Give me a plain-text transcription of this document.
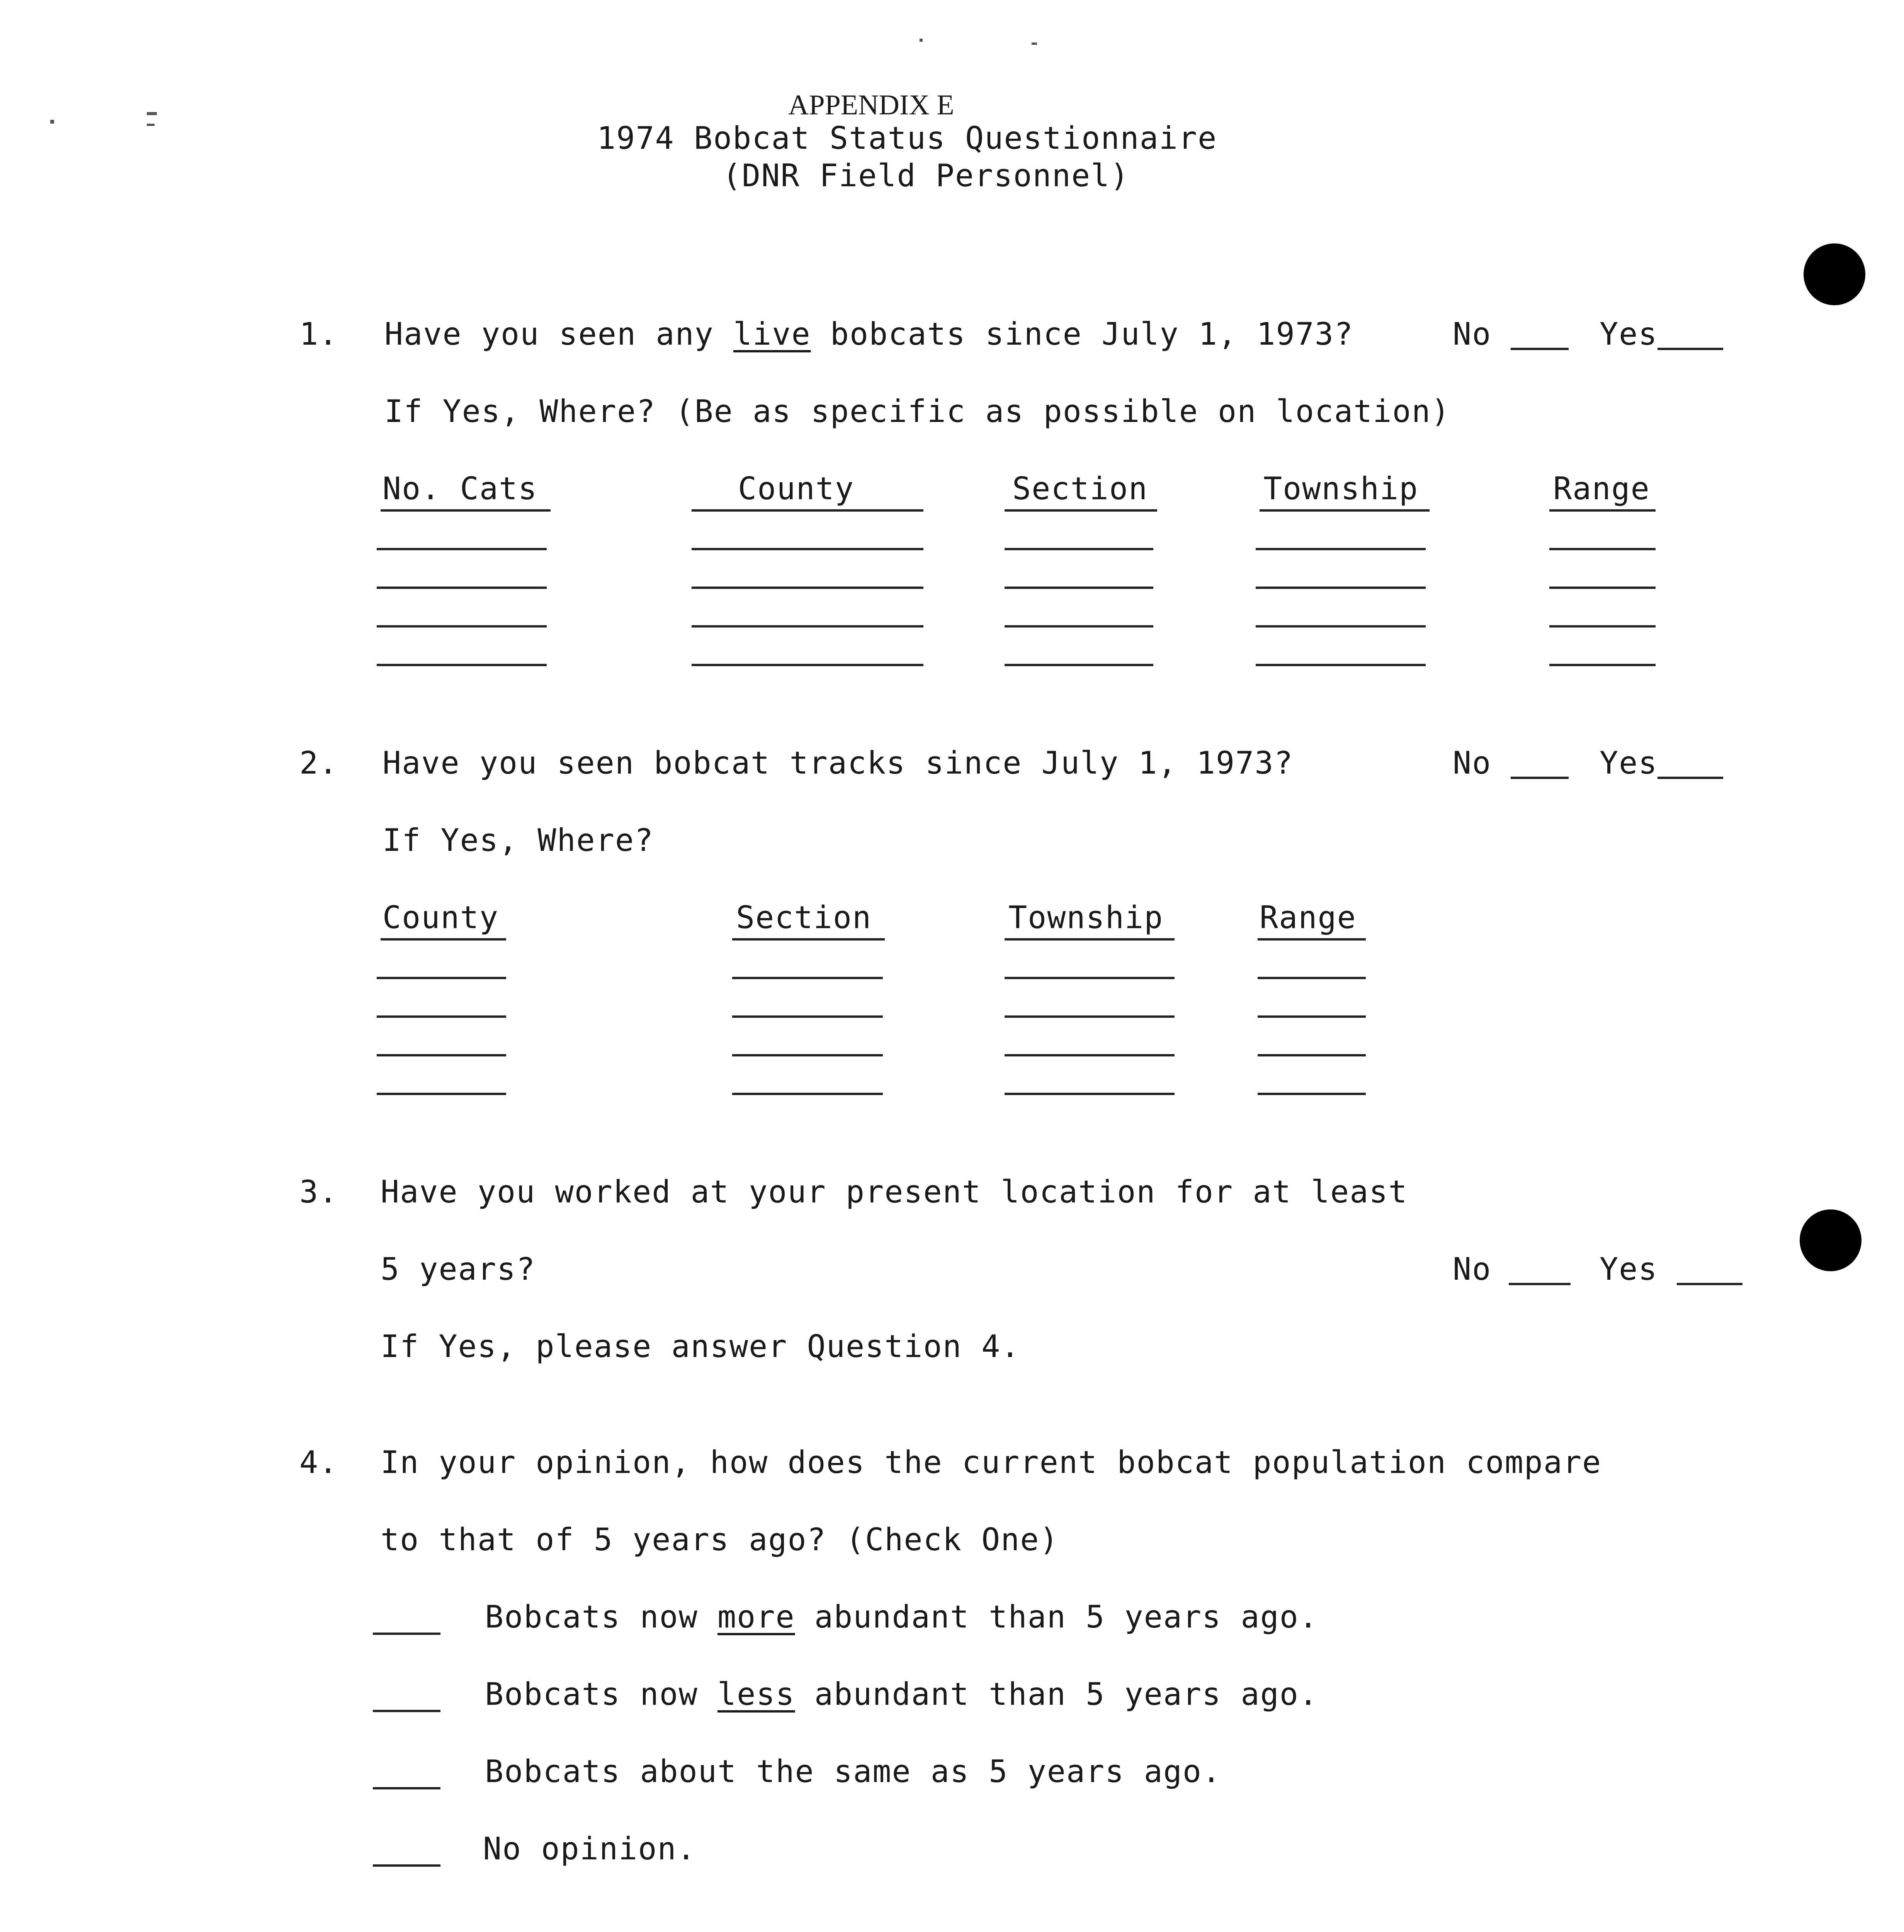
APPENDIX E
1974 Bobcat Status Questionnaire
(DNR Field Personnel)
1. Have you seen any live bobcats since July 1, 1973?	No	Yes
If Yes, Where? (Be as specific as possible on location)
No. Cats	County	Section	Township	Range
2. Have you seen bobcat tracks since July 1, 1973?	No	Yes
If Yes, Where?
County	Section	Township	Range
3. Have you worked at your present location for at least
5 years?	No	Yes
If Yes, please answer Question 4.
4. In your opinion, how does the current bobcat population compare
to that of 5 years ago? (Check One)
Bobcats now more abundant than 5 years ago.
Bobcats now less abundant than 5 years ago.
Bobcats about the same as 5 years ago.
No opinion.
